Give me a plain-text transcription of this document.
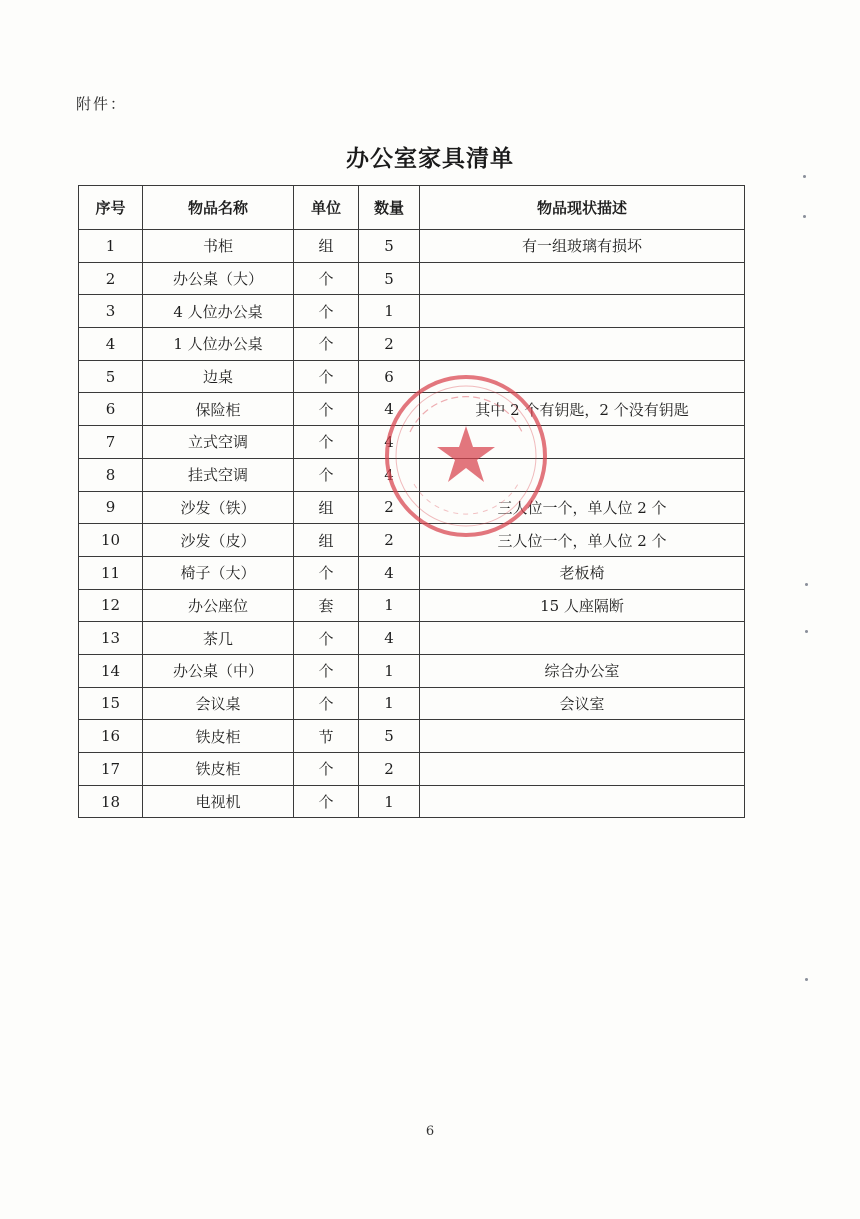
附件：
办公室家具清单
序号	物品名称	单位	数量	物品现状描述
1	书柜	组	5	有一组玻璃有损坏
2	办公桌（大）	个	5	
3	4 人位办公桌	个	1	
4	1 人位办公桌	个	2	
5	边桌	个	6	
6	保险柜	个	4	其中 2 个有钥匙，2 个没有钥匙
7	立式空调	个	4	
8	挂式空调	个	4	
9	沙发（铁）	组	2	三人位一个，单人位 2 个
10	沙发（皮）	组	2	三人位一个，单人位 2 个
11	椅子（大）	个	4	老板椅
12	办公座位	套	1	15 人座隔断
13	茶几	个	4	
14	办公桌（中）	个	1	综合办公室
15	会议桌	个	1	会议室
16	铁皮柜	节	5	
17	铁皮柜	个	2	
18	电视机	个	1	
6
